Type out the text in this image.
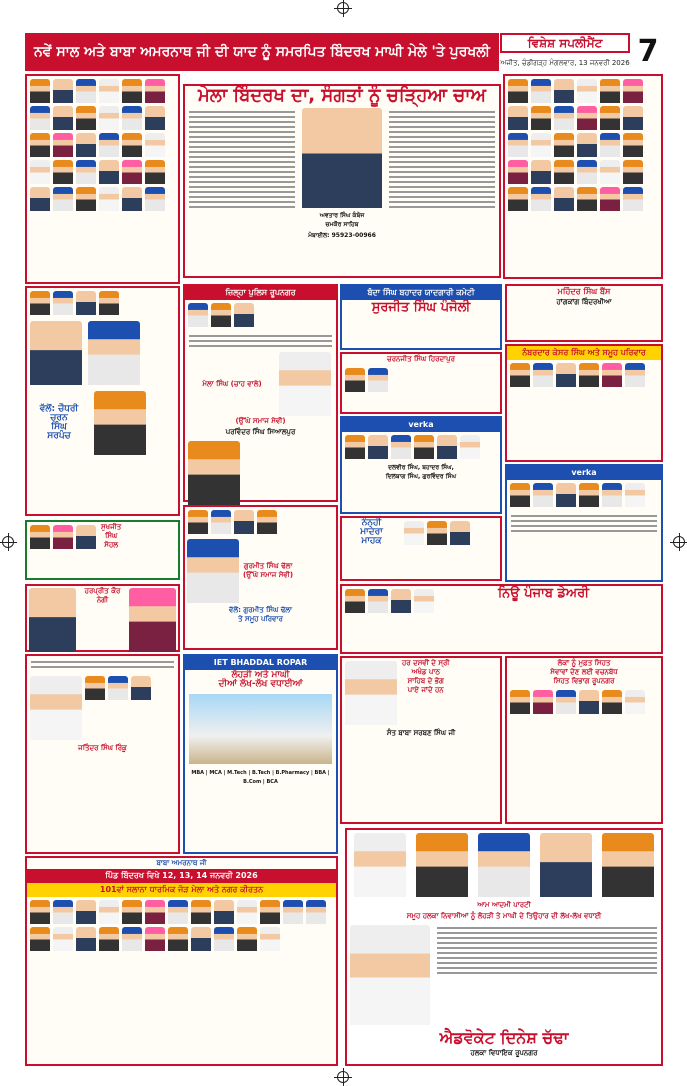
ਨਵੇਂ ਸਾਲ ਅਤੇ ਬਾਬਾ ਅਮਰਨਾਥ ਜੀ ਦੀ ਯਾਦ ਨੂੰ ਸਮਰਪਿਤ ਬਿੰਦਰਖ ਮਾਘੀ ਮੇਲੇ 'ਤੇ ਪੁਰਖਲੀ
ਵਿਸ਼ੇਸ਼ ਸਪਲੀਮੈਂਟ
ਅਜੀਤ, ਚੰਡੀਗੜ੍ਹ ਮੰਗਲਵਾਰ, 13 ਜਨਵਰੀ 2026 7
ਮੇਲਾ ਬਿੰਦਰਖ ਦਾ, ਸੰਗਤਾਂ ਨੂੰ ਚੜ੍ਹਿਆ ਚਾਅ
ਅਵਤਾਰ ਸਿੰਘ ਕੰਬੋਜ
ਚਮਕੌਰ ਸਾਹਿਬ
ਮੋਬਾਈਲ: 95923-00966
ਵੱਲੋਂ: ਚੌਧਰੀ
ਚਰਨ
ਸਿੰਘ
ਸਰਪੰਚ
ਜ਼ਿਲ੍ਹਾ ਪੁਲਿਸ ਰੂਪਨਗਰ
ਮੇਲਾ ਸਿੰਘ (ਚਾਹ ਵਾਲੇ)
(ਉੱਘੇ ਸਮਾਜ ਸੇਵੀ)
ਪਰਵਿੰਦਰ ਸਿੰਘ ਸਿਆਲਪੁਰ
ਬੰਦਾ ਸਿੰਘ ਬਹਾਦਰ ਯਾਦਗਾਰੀ ਕਮੇਟੀ
ਸੁਰਜੀਤ ਸਿੰਘ ਪੰਜੋਲੀ
ਚਰਨਜੀਤ ਸਿੰਘ ਹਿਰਦਾਪੁਰ
verka
ਦਲਵੀਰ ਸਿੰਘ, ਬਹਾਦਰ ਸਿੰਘ,
ਦਿਲਬਾਗ ਸਿੰਘ, ਗੁਰਵਿੰਦਰ ਸਿੰਘ
ਮਹਿੰਦਰ ਸਿੰਘ ਬੈਂਸ
ਹਾਂਗਕਾਂਗ ਬਿੰਦਰਖੀਆ
ਨੰਬਰਦਾਰ ਕੇਸਰ ਸਿੰਘ ਅਤੇ ਸਮੂਹ ਪਰਿਵਾਰ
verka
ਨੰਨ੍ਹੀ
ਮਾਦਰਾ
ਮਾਹਕ
ਸੁਖਜੀਤ
ਸਿੰਘ
ਸੋਹਲ
ਗੁਰਮੀਤ ਸਿੰਘ ਢੱਲਾ
(ਉੱਘੇ ਸਮਾਜ ਸੇਵੀ)
ਵੱਲੋਂ: ਗੁਰਮੀਤ ਸਿੰਘ ਢੱਲਾ
ਤੇ ਸਮੂਹ ਪਰਿਵਾਰ
ਹਰਪ੍ਰੀਤ ਕੌਰ ਨੇਗੀ	ਨਿਊ ਪੰਜਾਬ ਡੇਅਰੀ
ਜਤਿੰਦਰ ਸਿੰਘ ਰਿੰਕੂ
IET BHADDAL ROPAR
ਲੋਹੜੀ ਅਤੇ ਮਾਘੀ
ਦੀਆਂ ਲੱਖ-ਲੱਖ ਵਧਾਈਆਂ
MBA | MCA | M.Tech | B.Tech | B.Pharmacy | BBA | B.Com | BCA
ਹਰ ਦਸਵੀਂ ਦੇ ਸ੍ਰੀ
ਅਖੰਡ ਪਾਠ
ਸਾਹਿਬ ਦੇ ਭੋਗ
ਪਾਏ ਜਾਂਦੇ ਹਨ
ਸੰਤ ਬਾਬਾ ਸਰਬਣ ਸਿੰਘ ਜੀ
ਲੋਕਾਂ ਨੂੰ ਮੁਫ਼ਤ ਸਿਹਤ
ਸੇਵਾਵਾਂ ਦੇਣ ਲਈ ਵਚਨਬੱਧ
ਸਿਹਤ ਵਿਭਾਗ ਰੂਪਨਗਰ
ਬਾਬਾ ਅਮਰਨਾਥ ਜੀ
ਪਿੰਡ ਬਿੰਦਰਖ ਵਿਖੇ 12, 13, 14 ਜਨਵਰੀ 2026
101ਵਾਂ ਸਲਾਨਾ ਧਾਰਮਿਕ ਜੋੜ ਮੇਲਾ ਅਤੇ ਨਗਰ ਕੀਰਤਨ
ਆਮ ਆਦਮੀ ਪਾਰਟੀ
ਸਮੂਹ ਹਲਕਾ ਨਿਵਾਸੀਆਂ ਨੂੰ ਲੋਹੜੀ ਤੇ ਮਾਘੀ ਦੇ ਤਿਉਹਾਰ ਦੀ ਲੱਖ-ਲੱਖ ਵਧਾਈ
ਐਡਵੋਕੇਟ ਦਿਨੇਸ਼ ਚੱਢਾ
ਹਲਕਾ ਵਿਧਾਇਕ ਰੂਪਨਗਰ
